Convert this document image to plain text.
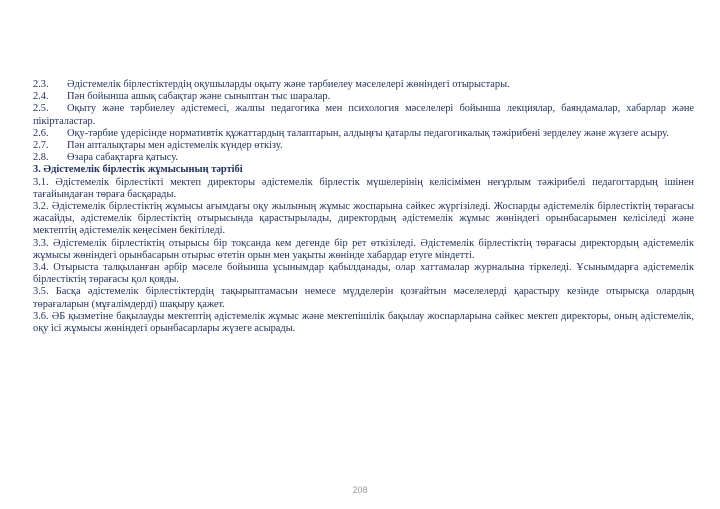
2.3. Әдістемелік бірлестіктердің оқушыларды оқыту және тәрбиелеу мәселелері жөніндегі отырыстары.

2.4. Пән бойынша ашық сабақтар және сыныптан тыс шаралар.

2.5. Оқыту және тәрбиелеу әдістемесі, жалпы педагогика мен психология мәселелері бойынша лекциялар, баяндамалар, хабарлар және пікірталастар.

2.6. Оқу-тәрбие үдерісінде нормативтік құжаттардың талаптарын, алдыңғы қатарлы педагогикалық тәжірибені зерделеу және жүзеге асыру.

2.7. Пән апталықтары мен әдістемелік күндер өткізу.

2.8. Өзара сабақтарға қатысу.

3. Әдістемелік бірлестік жұмысының тәртібі

3.1. Әдістемелік бірлестікті мектеп директоры әдістемелік бірлестік мүшелерінің келісімімен неғұрлым тәжірибелі педагогтардың ішінен тағайындаған төраға басқарады.

3.2. Әдістемелік бірлестіктің жұмысы ағымдағы оқу жылының жұмыс жоспарына сәйкес жүргізіледі. Жоспарды әдістемелік бірлестіктің төрағасы жасайды, әдістемелік бірлестіктің отырысында қарастырылады, директордың әдістемелік жұмыс жөніндегі орынбасарымен келісіледі және мектептің әдістемелік кеңесімен бекітіледі.

3.3. Әдістемелік бірлестіктің отырысы бір тоқсанда кем дегенде бір рет өткізіледі. Әдістемелік бірлестіктің төрағасы директордың әдістемелік жұмысы жөніндегі орынбасарын отырыс өтетін орын мен уақыты жөнінде хабардар етуге міндетті.

3.4. Отырыста талқыланған әрбір мәселе бойынша ұсынымдар қабылданады, олар хаттамалар журналына тіркеледі. Ұсынымдарға әдістемелік бірлестіктің төрағасы қол қояды.

3.5. Басқа әдістемелік бірлестіктердің тақырыптамасын немесе мүдделерін қозғайтын мәселелерді қарастыру кезінде отырысқа олардың төрағаларын (мұғалімдерді) шақыру қажет.

3.6. ӘБ қызметіне бақылауды мектептің әдістемелік жұмыс және мектепішілік бақылау жоспарларына сәйкес мектеп директоры, оның әдістемелік, оқу ісі жұмысы жөніндегі орынбасарлары жүзеге асырады.

208
